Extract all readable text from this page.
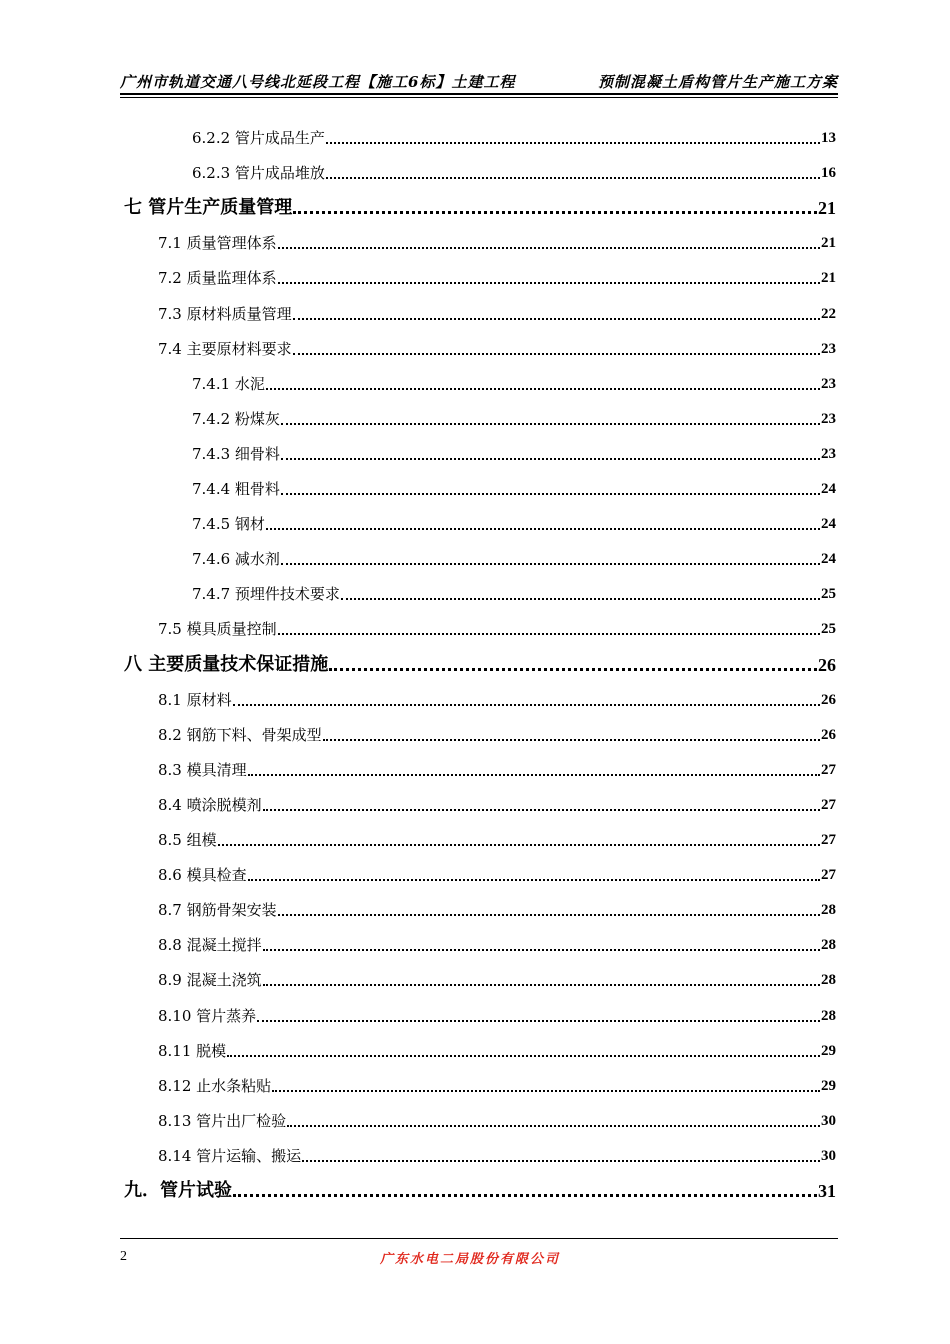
广州市轨道交通八号线北延段工程【施工6标】土建工程	预制混凝土盾构管片生产施工方案
6.2.2 管片成品生产	13
6.2.3 管片成品堆放	16
七 管片生产质量管理	21
7.1 质量管理体系	21
7.2 质量监理体系	21
7.3 原材料质量管理	22
7.4 主要原材料要求	23
7.4.1 水泥	23
7.4.2 粉煤灰	23
7.4.3 细骨料	23
7.4.4 粗骨料	24
7.4.5 钢材	24
7.4.6 减水剂	24
7.4.7 预埋件技术要求	25
7.5 模具质量控制	25
八 主要质量技术保证措施	26
8.1 原材料	26
8.2 钢筋下料、骨架成型	26
8.3 模具清理	27
8.4 喷涂脱模剂	27
8.5 组模	27
8.6 模具检查	27
8.7 钢筋骨架安装	28
8.8 混凝土搅拌	28
8.9 混凝土浇筑	28
8.10 管片蒸养	28
8.11 脱模	29
8.12 止水条粘贴	29
8.13 管片出厂检验	30
8.14 管片运输、搬运	30
九．管片试验	31
2	广东水电二局股份有限公司
